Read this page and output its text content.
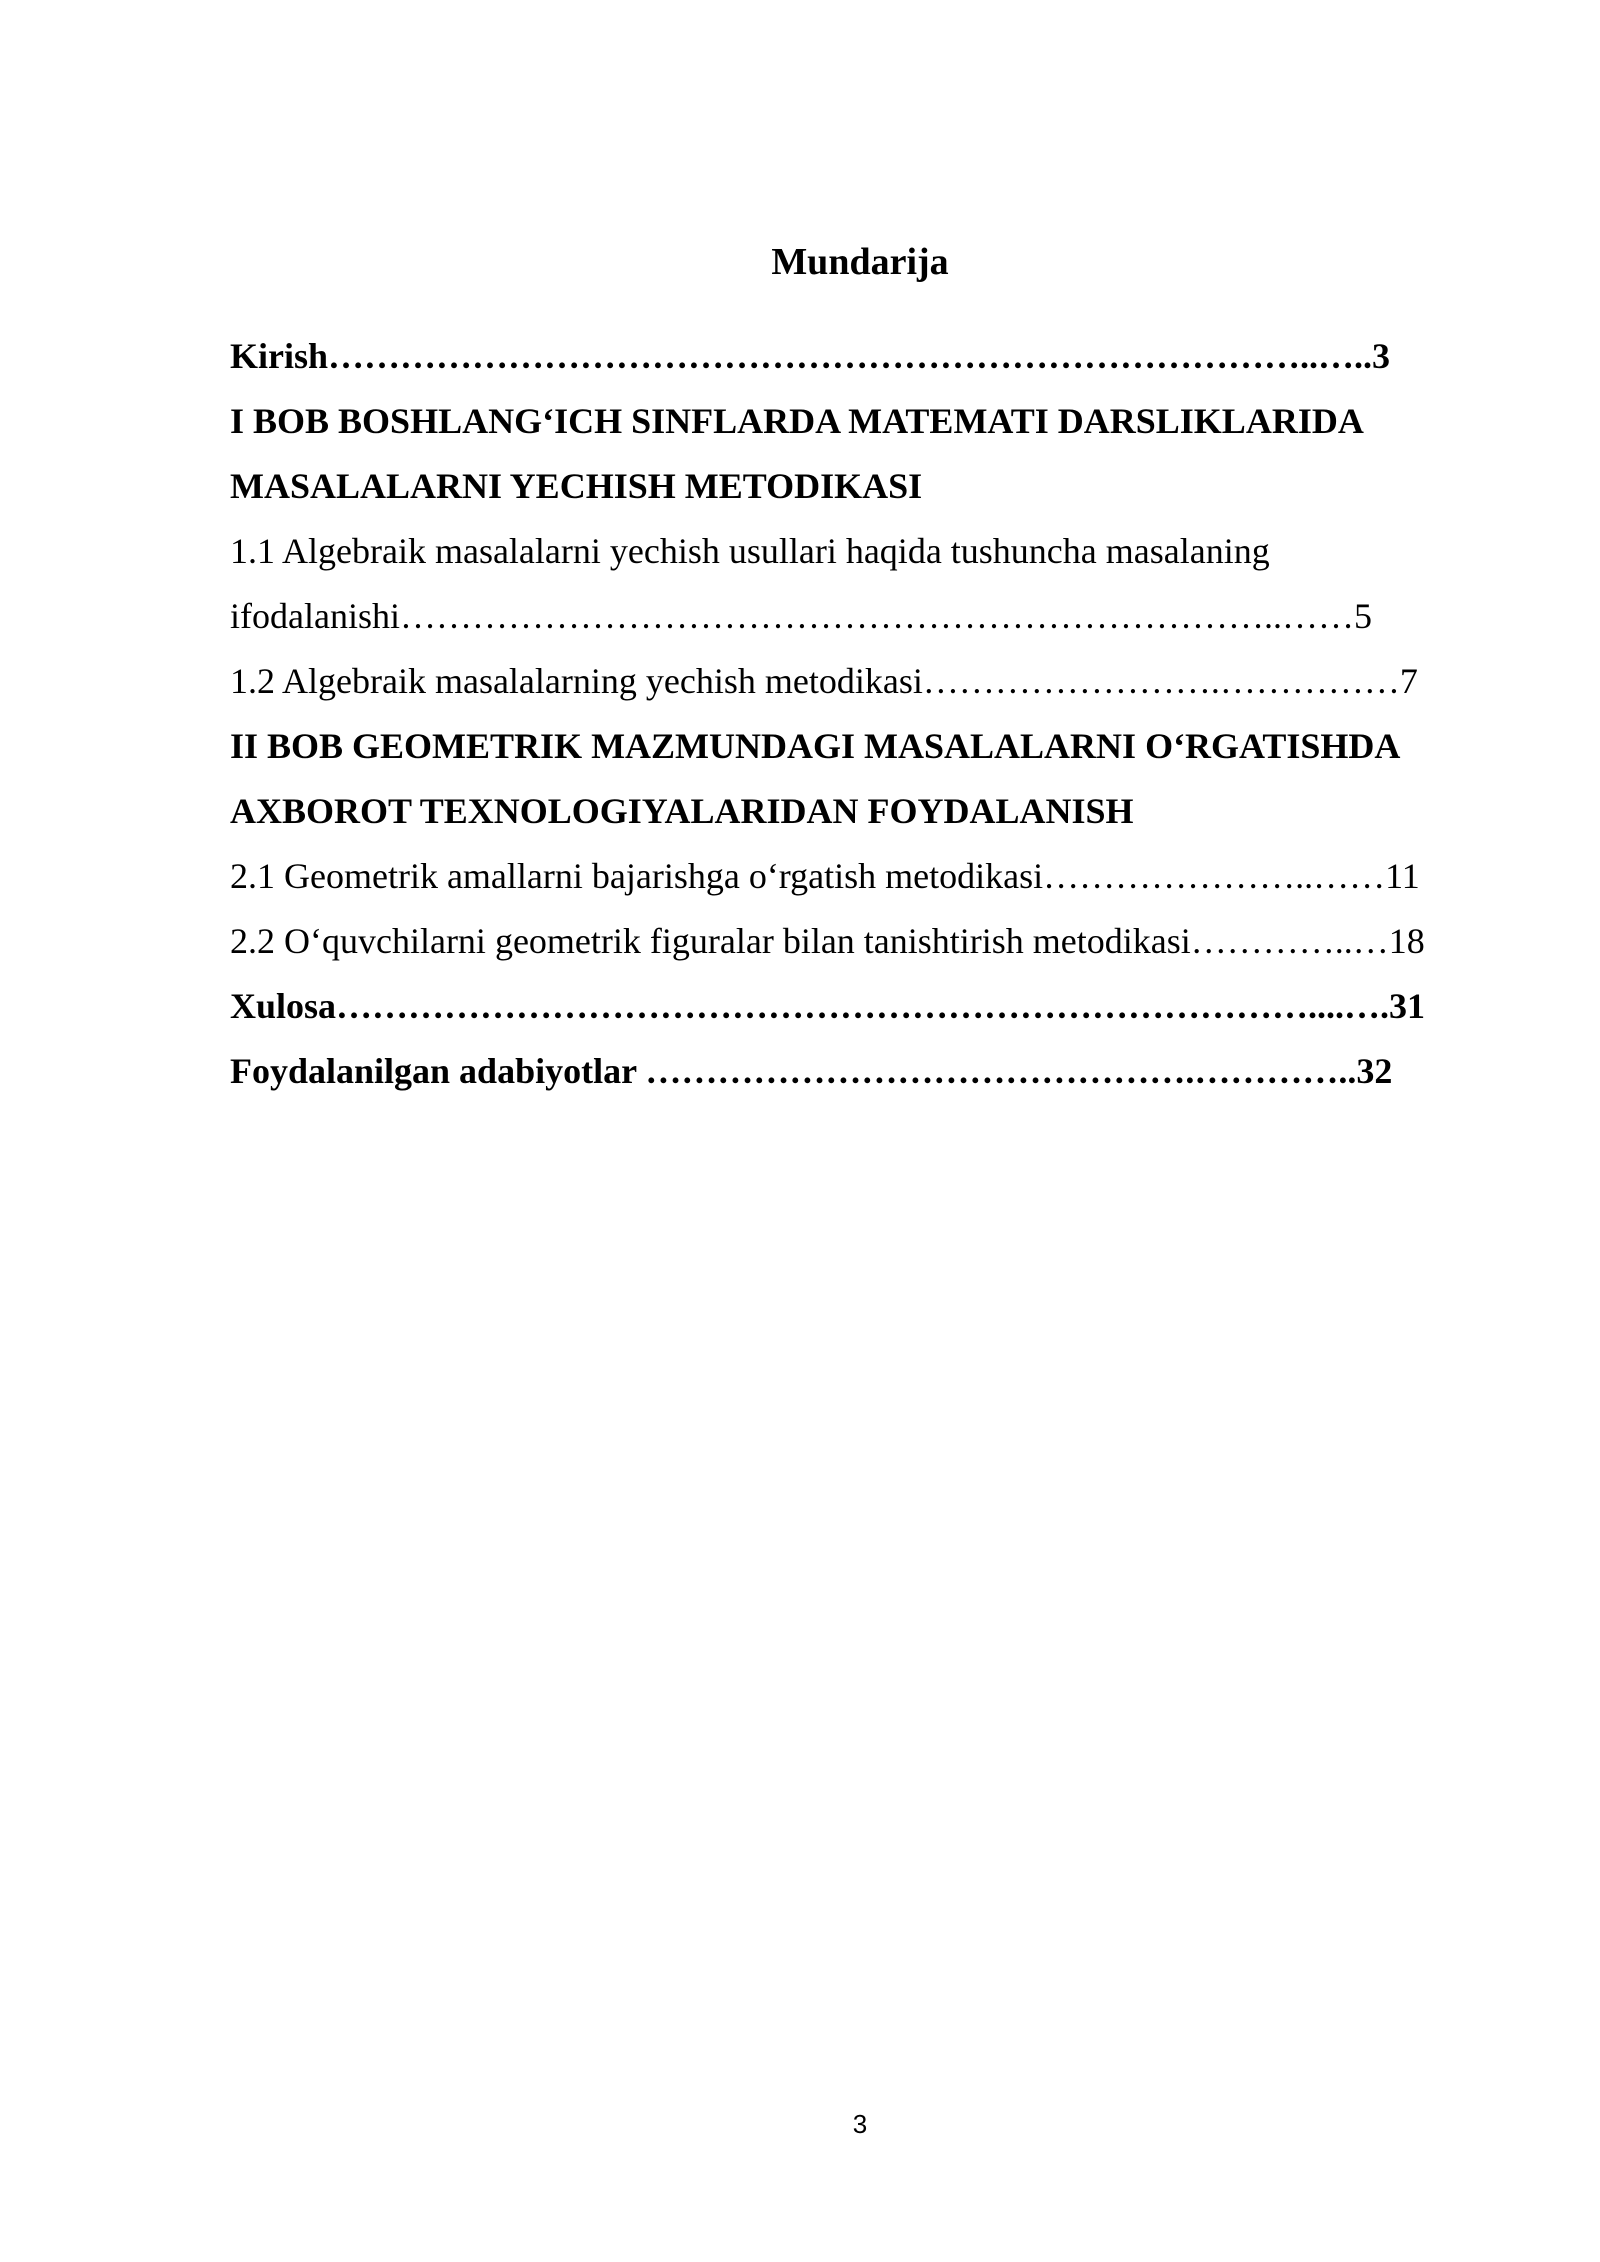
Mundarija
Kirish………………………………………………………………………..…..3
I BOB BOSHLANG‘ICH SINFLARDA MATEMATI DARSLIKLARIDA
MASALALARNI YECHISH METODIKASI
1.1 Algebraik masalalarni yechish usullari haqida tushuncha masalaning
ifodalanishi………………………………………………………………..……5
1.2 Algebraik masalalarning yechish metodikasi…………………….……………7
II BOB GEOMETRIK MAZMUNDAGI MASALALARNI O‘RGATISHDA
AXBOROT TEXNOLOGIYALARIDAN FOYDALANISH
2.1 Geometrik amallarni bajarishga o‘rgatish metodikasi…………………..……11
2.2 O‘quvchilarni geometrik figuralar bilan tanishtirish metodikasi…………..…18
Xulosa………………………………………………………………………....….31
Foydalanilgan adabiyotlar ……………………………………….…………..32
3
